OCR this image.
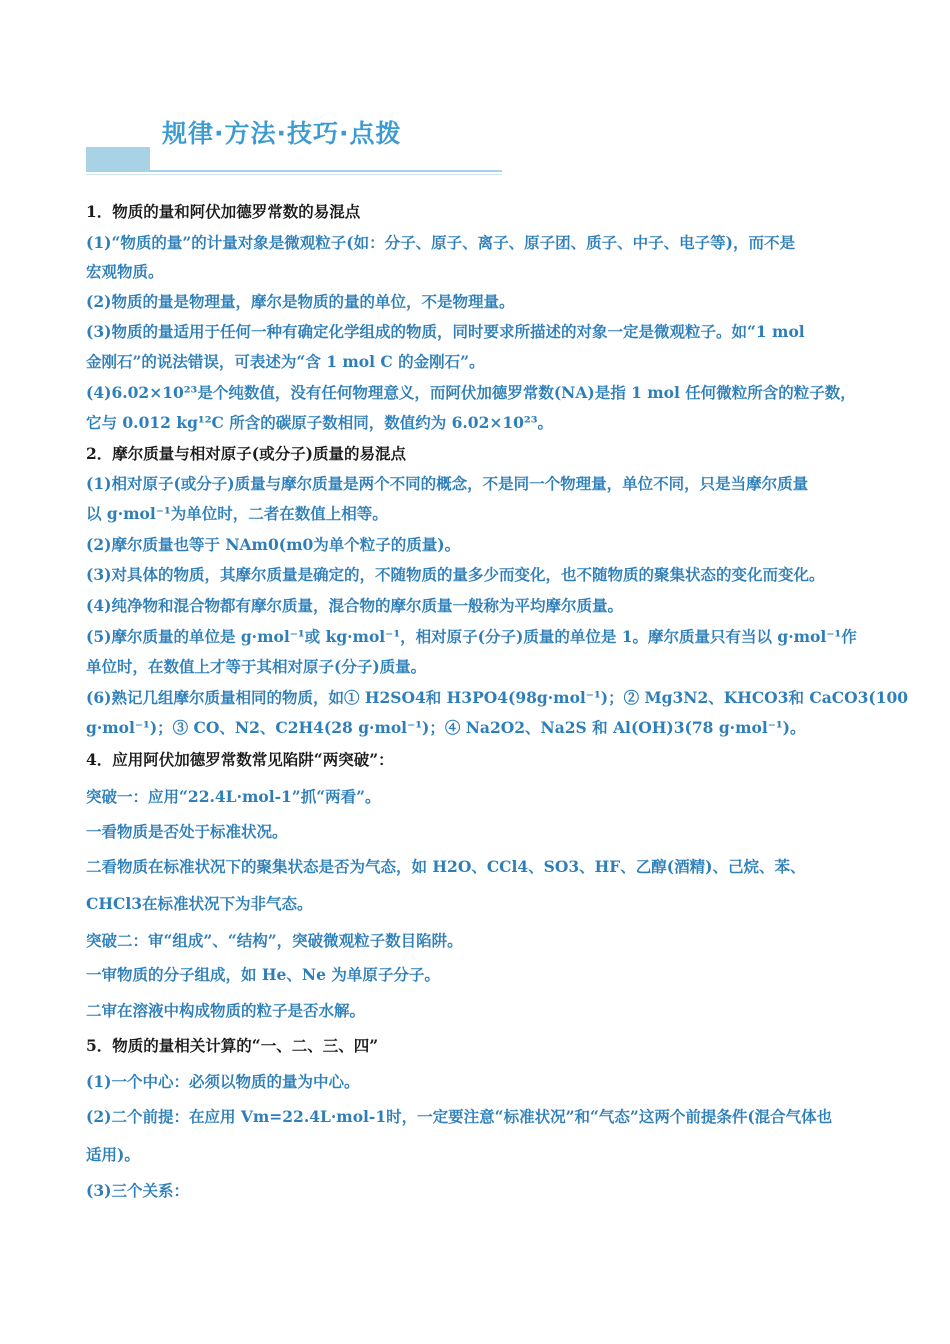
规律·方法·技巧·点拨
1．物质的量和阿伏加德罗常数的易混点
(1)“物质的量”的计量对象是微观粒子(如：分子、原子、离子、原子团、质子、中子、电子等)，而不是
宏观物质。
(2)物质的量是物理量，摩尔是物质的量的单位，不是物理量。
(3)物质的量适用于任何一种有确定化学组成的物质，同时要求所描述的对象一定是微观粒子。如“1 mol
金刚石”的说法错误，可表述为“含 1 mol C 的金刚石”。
(4)6.02×10²³是个纯数值，没有任何物理意义，而阿伏加德罗常数(NA)是指 1 mol 任何微粒所含的粒子数，
它与 0.012 kg¹²C 所含的碳原子数相同，数值约为 6.02×10²³。
2．摩尔质量与相对原子(或分子)质量的易混点
(1)相对原子(或分子)质量与摩尔质量是两个不同的概念，不是同一个物理量，单位不同，只是当摩尔质量
以 g·mol⁻¹为单位时，二者在数值上相等。
(2)摩尔质量也等于 NAm0(m0为单个粒子的质量)。
(3)对具体的物质，其摩尔质量是确定的，不随物质的量多少而变化，也不随物质的聚集状态的变化而变化。
(4)纯净物和混合物都有摩尔质量，混合物的摩尔质量一般称为平均摩尔质量。
(5)摩尔质量的单位是 g·mol⁻¹或 kg·mol⁻¹，相对原子(分子)质量的单位是 1。摩尔质量只有当以 g·mol⁻¹作
单位时，在数值上才等于其相对原子(分子)质量。
(6)熟记几组摩尔质量相同的物质，如① H2SO4和 H3PO4(98g·mol⁻¹)；② Mg3N2、KHCO3和 CaCO3(100
g·mol⁻¹)；③ CO、N2、C2H4(28 g·mol⁻¹)；④ Na2O2、Na2S 和 Al(OH)3(78 g·mol⁻¹)。
4．应用阿伏加德罗常数常见陷阱“两突破”：
突破一：应用“22.4L·mol-1”抓“两看”。
一看物质是否处于标准状况。
二看物质在标准状况下的聚集状态是否为气态，如 H2O、CCl4、SO3、HF、乙醇(酒精)、己烷、苯、
CHCl3在标准状况下为非气态。
突破二：审“组成”、“结构”，突破微观粒子数目陷阱。
一审物质的分子组成，如 He、Ne 为单原子分子。
二审在溶液中构成物质的粒子是否水解。
5．物质的量相关计算的“一、二、三、四”
(1)一个中心：必须以物质的量为中心。
(2)二个前提：在应用 Vm=22.4L·mol-1时，一定要注意“标准状况”和“气态”这两个前提条件(混合气体也
适用)。
(3)三个关系：
